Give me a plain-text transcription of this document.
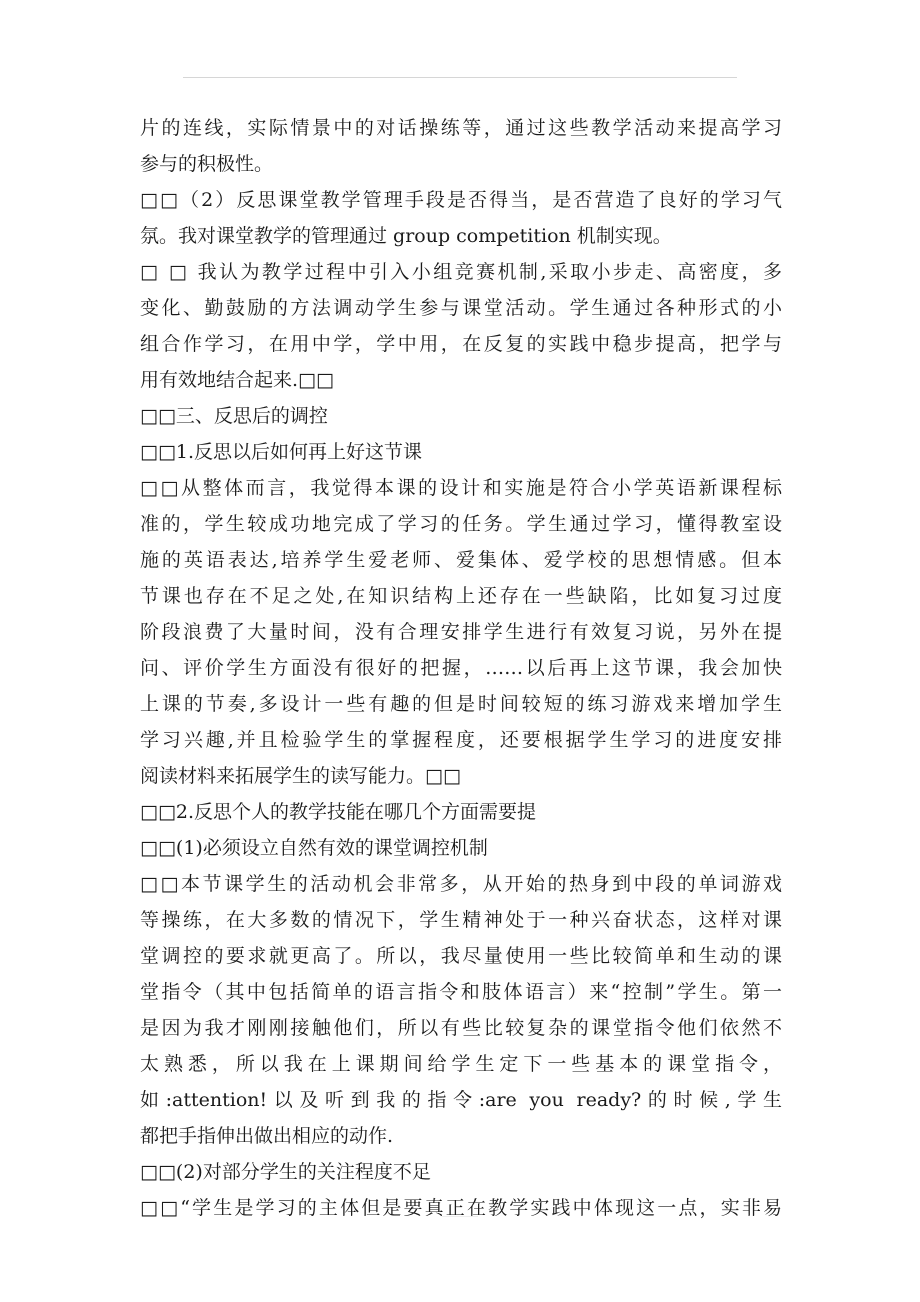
片的连线，实际情景中的对话操练等，通过这些教学活动来提高学习
参与的积极性。
□□（2）反思课堂教学管理手段是否得当，是否营造了良好的学习气
氛。我对课堂教学的管理通过 group competition 机制实现。
□ □ 我认为教学过程中引入小组竞赛机制,采取小步走、高密度，多
变化、勤鼓励的方法调动学生参与课堂活动。学生通过各种形式的小
组合作学习，在用中学，学中用，在反复的实践中稳步提高，把学与
用有效地结合起来.□□
□□三、反思后的调控
□□1.反思以后如何再上好这节课
□□从整体而言，我觉得本课的设计和实施是符合小学英语新课程标
准的，学生较成功地完成了学习的任务。学生通过学习，懂得教室设
施的英语表达,培养学生爱老师、爱集体、爱学校的思想情感。但本
节课也存在不足之处,在知识结构上还存在一些缺陷，比如复习过度
阶段浪费了大量时间，没有合理安排学生进行有效复习说，另外在提
问、评价学生方面没有很好的把握，……以后再上这节课，我会加快
上课的节奏,多设计一些有趣的但是时间较短的练习游戏来增加学生
学习兴趣,并且检验学生的掌握程度，还要根据学生学习的进度安排
阅读材料来拓展学生的读写能力。□□
□□2.反思个人的教学技能在哪几个方面需要提
□□(1)必须设立自然有效的课堂调控机制
□□本节课学生的活动机会非常多，从开始的热身到中段的单词游戏
等操练，在大多数的情况下，学生精神处于一种兴奋状态，这样对课
堂调控的要求就更高了。所以，我尽量使用一些比较简单和生动的课
堂指令（其中包括简单的语言指令和肢体语言）来“控制”学生。第一
是因为我才刚刚接触他们，所以有些比较复杂的课堂指令他们依然不
太熟悉，所以我在上课期间给学生定下一些基本的课堂指令，
如:attention!以及听到我的指令:are you ready?的时候,学生
都把手指伸出做出相应的动作.
□□(2)对部分学生的关注程度不足
□□“学生是学习的主体但是要真正在教学实践中体现这一点，实非易
